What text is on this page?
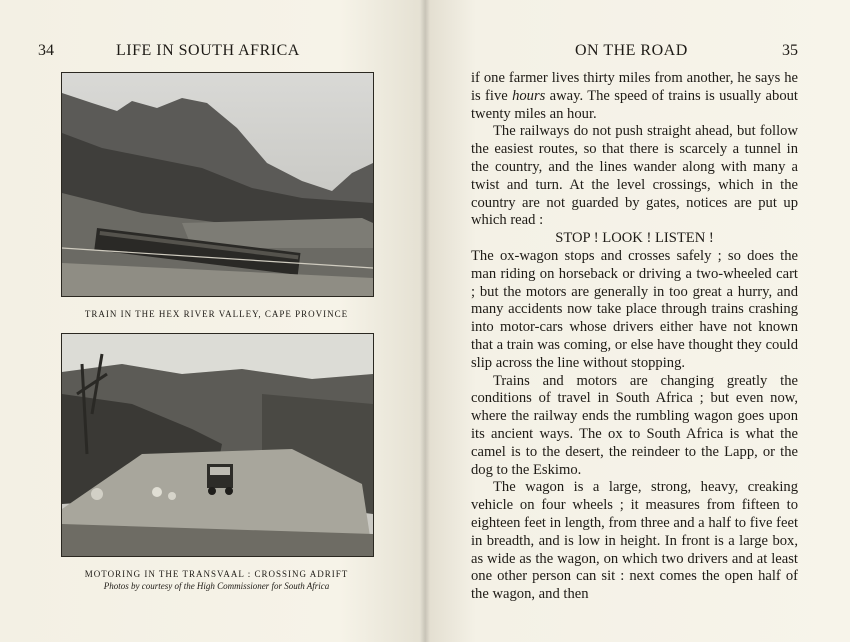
34	LIFE IN SOUTH AFRICA
TRAIN IN THE HEX RIVER VALLEY, CAPE PROVINCE
MOTORING IN THE TRANSVAAL : CROSSING ADRIFT
Photos by courtesy of the High Commissioner for South Africa
ON THE ROAD	35

if one farmer lives thirty miles from another, he says he is five hours away. The speed of trains is usually about twenty miles an hour.

The railways do not push straight ahead, but follow the easiest routes, so that there is scarcely a tunnel in the country, and the lines wander along with many a twist and turn. At the level crossings, which in the country are not guarded by gates, notices are put up which read :

STOP ! LOOK ! LISTEN !

The ox-wagon stops and crosses safely ; so does the man riding on horseback or driving a two-wheeled cart ; but the motors are generally in too great a hurry, and many accidents now take place through trains crashing into motor-cars whose drivers either have not known that a train was coming, or else have thought they could slip across the line without stopping.

Trains and motors are changing greatly the conditions of travel in South Africa ; but even now, where the railway ends the rumbling wagon goes upon its ancient ways. The ox to South Africa is what the camel is to the desert, the reindeer to the Lapp, or the dog to the Eskimo.

The wagon is a large, strong, heavy, creaking vehicle on four wheels ; it measures from fifteen to eighteen feet in length, from three and a half to five feet in breadth, and is low in height. In front is a large box, as wide as the wagon, on which two drivers and at least one other person can sit : next comes the open half of the wagon, and then
